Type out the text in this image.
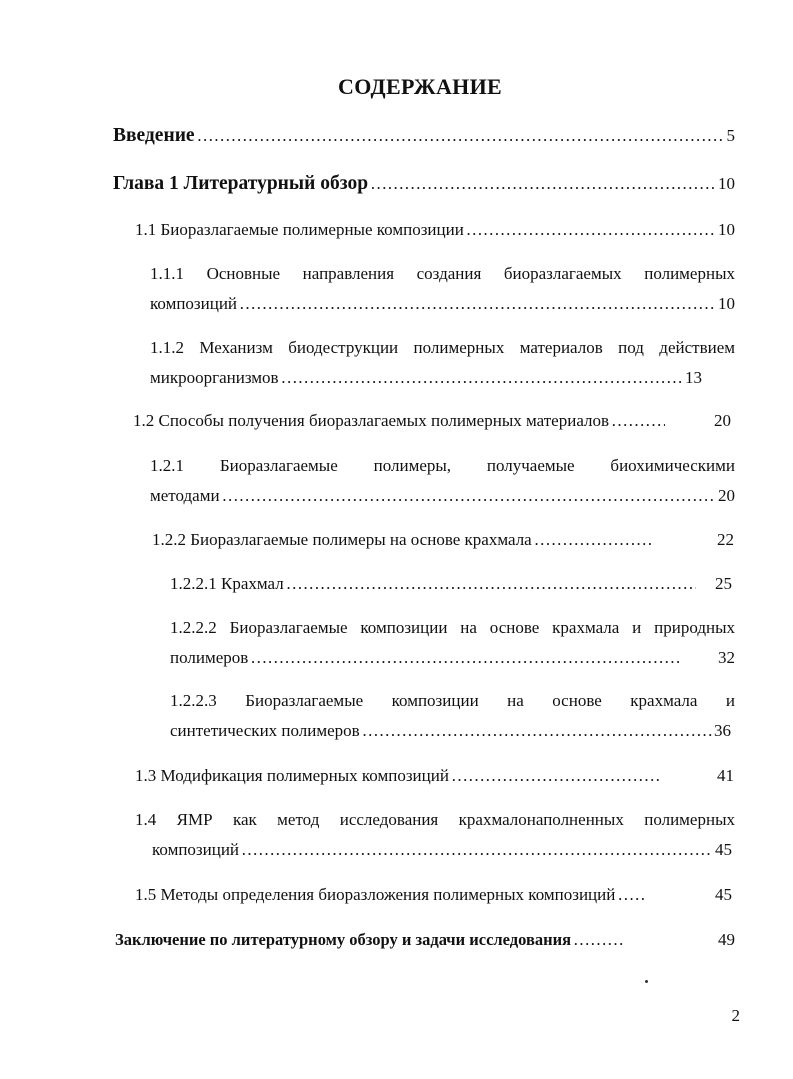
СОДЕРЖАНИЕ
Введение …………………………………………………………………………………………………………………………………………………………	5
Глава 1 Литературный обзор …………………………………………………………………………………………………………………………………………………………	10
1.1 Биоразлагаемые полимерные композиции …………………………………………………………………………………………………………………………………………………………	10
1.1.1 Основные направления создания биоразлагаемых полимерных
композиций …………………………………………………………………………………………………………………………………………………………	10
1.1.2 Механизм биодеструкции полимерных материалов под действием
микроорганизмов …………………………………………………………………………………………………………………………………………………………	13
1.2 Способы получения биоразлагаемых полимерных материалов …………………………………………………………………………………………………………………………………………………………	20
1.2.1 Биоразлагаемые полимеры, получаемые биохимическими
методами …………………………………………………………………………………………………………………………………………………………	20
1.2.2 Биоразлагаемые полимеры на основе крахмала …………………………………………………………………………………………………………………………………………………………	22
1.2.2.1 Крахмал …………………………………………………………………………………………………………………………………………………………	25
1.2.2.2 Биоразлагаемые композиции на основе крахмала и природных
полимеров …………………………………………………………………………………………………………………………………………………………	32
1.2.2.3 Биоразлагаемые композиции на основе крахмала и
синтетических полимеров …………………………………………………………………………………………………………………………………………………………	36
1.3 Модификация полимерных композиций …………………………………………………………………………………………………………………………………………………………	41
1.4 ЯМР как метод исследования крахмалонаполненных полимерных
композиций …………………………………………………………………………………………………………………………………………………………	45
1.5 Методы определения биоразложения полимерных композиций …………………………………………………………………………………………………………………………………………………………	45
Заключение по литературному обзору и задачи исследования …………………………………………………………………………………………………………………………………………………………	49
2
